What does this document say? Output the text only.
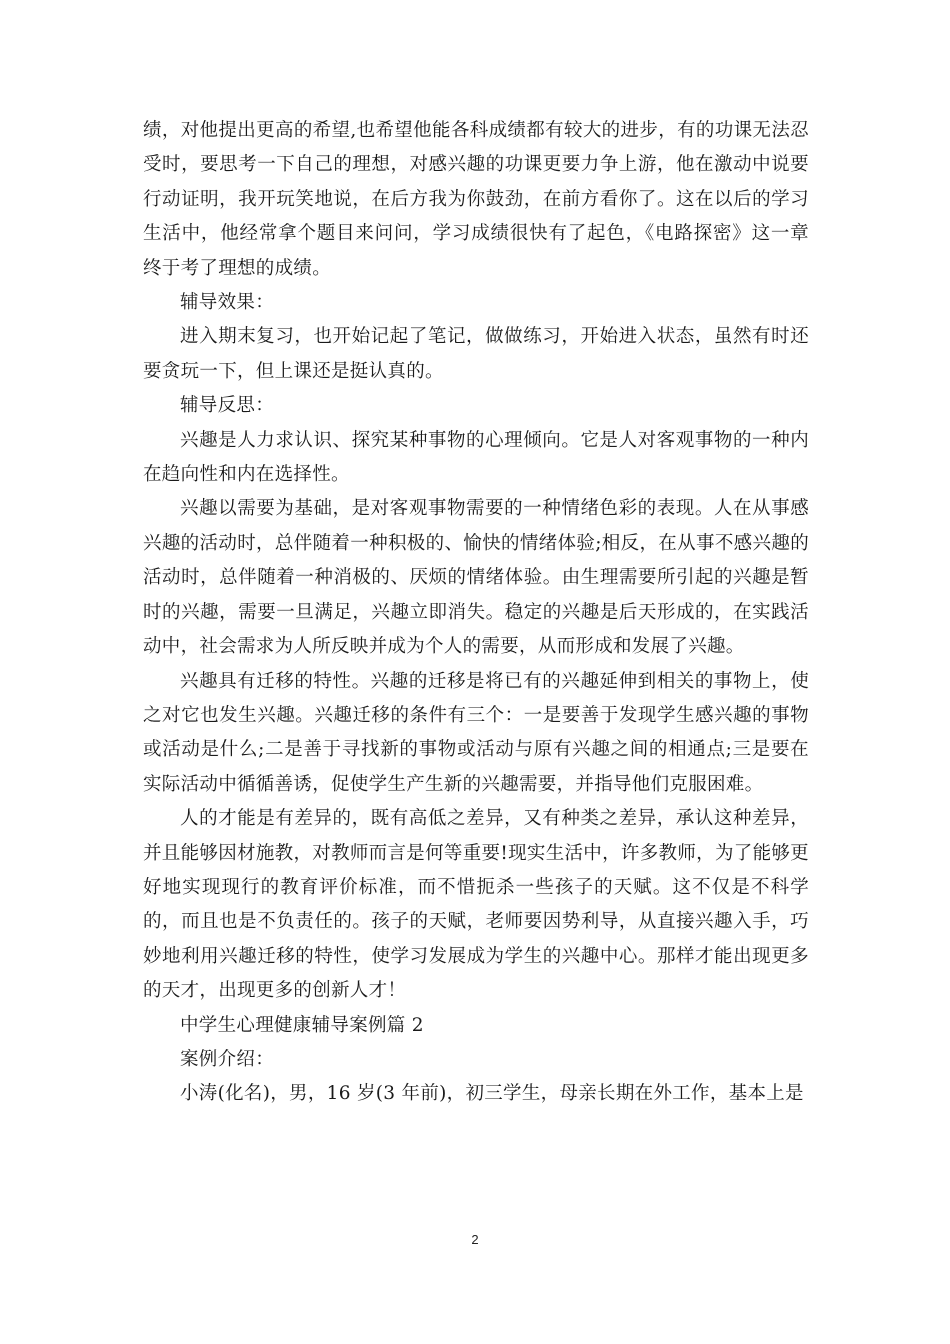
绩，对他提出更高的希望,也希望他能各科成绩都有较大的进步，有的功课无法忍受时，要思考一下自己的理想，对感兴趣的功课更要力争上游，他在激动中说要行动证明，我开玩笑地说，在后方我为你鼓劲，在前方看你了。这在以后的学习生活中，他经常拿个题目来问问，学习成绩很快有了起色，《电路探密》这一章终于考了理想的成绩。

辅导效果：

进入期末复习，也开始记起了笔记，做做练习，开始进入状态，虽然有时还要贪玩一下，但上课还是挺认真的。

辅导反思：

兴趣是人力求认识、探究某种事物的心理倾向。它是人对客观事物的一种内在趋向性和内在选择性。

兴趣以需要为基础，是对客观事物需要的一种情绪色彩的表现。人在从事感兴趣的活动时，总伴随着一种积极的、愉快的情绪体验;相反，在从事不感兴趣的活动时，总伴随着一种消极的、厌烦的情绪体验。由生理需要所引起的兴趣是暂时的兴趣，需要一旦满足，兴趣立即消失。稳定的兴趣是后天形成的，在实践活动中，社会需求为人所反映并成为个人的需要，从而形成和发展了兴趣。

兴趣具有迁移的特性。兴趣的迁移是将已有的兴趣延伸到相关的事物上，使之对它也发生兴趣。兴趣迁移的条件有三个：一是要善于发现学生感兴趣的事物或活动是什么;二是善于寻找新的事物或活动与原有兴趣之间的相通点;三是要在实际活动中循循善诱，促使学生产生新的兴趣需要，并指导他们克服困难。

人的才能是有差异的，既有高低之差异，又有种类之差异，承认这种差异，并且能够因材施教，对教师而言是何等重要!现实生活中，许多教师，为了能够更好地实现现行的教育评价标准，而不惜扼杀一些孩子的天赋。这不仅是不科学的，而且也是不负责任的。孩子的天赋，老师要因势利导，从直接兴趣入手，巧妙地利用兴趣迁移的特性，使学习发展成为学生的兴趣中心。那样才能出现更多的天才，出现更多的创新人才！

中学生心理健康辅导案例篇 2

案例介绍：

小涛(化名)，男，16 岁(3 年前)，初三学生，母亲长期在外工作，基本上是

2
